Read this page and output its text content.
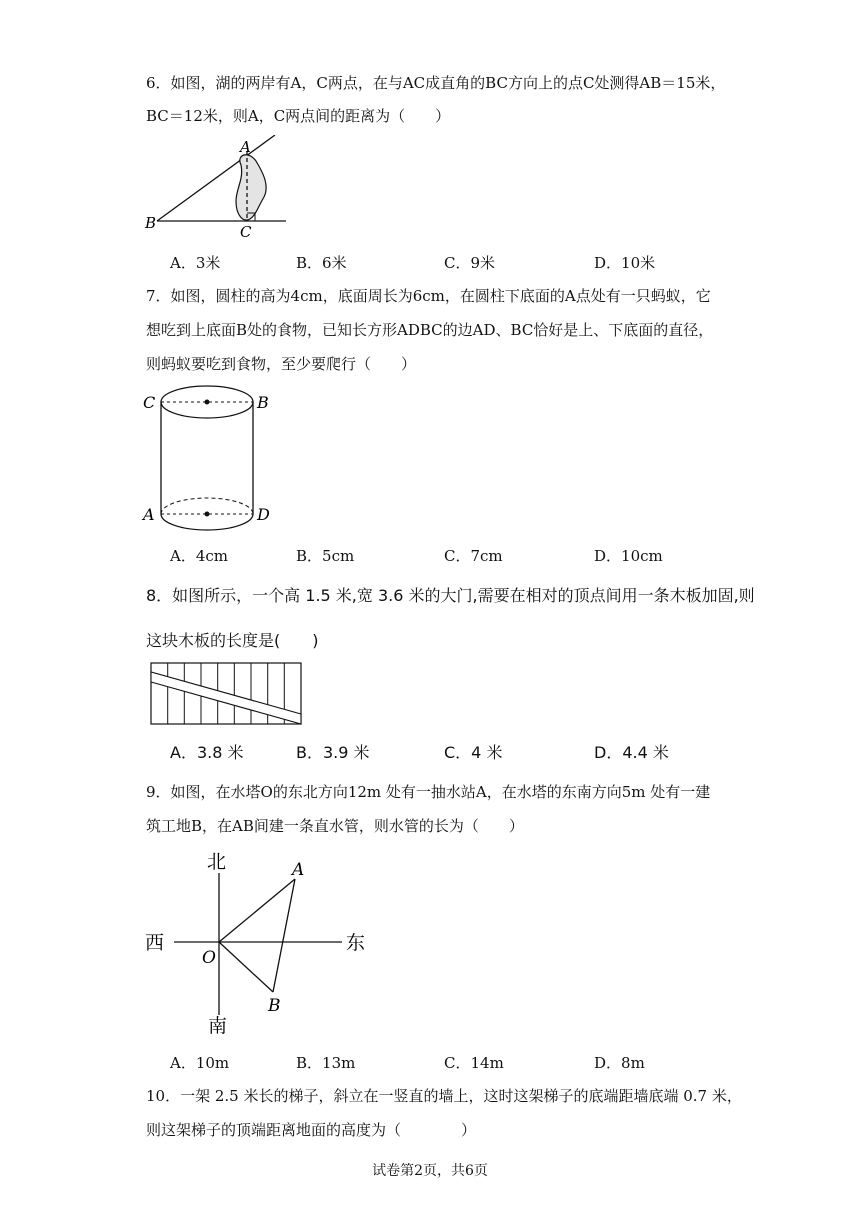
6．如图，湖的两岸有A，C两点，在与AC成直角的BC方向上的点C处测得AB＝15米，
BC＝12米，则A，C两点间的距离为（　　）
A
B	C
A．3米	B．6米	C．9米	D．10米
7．如图，圆柱的高为4cm，底面周长为6cm，在圆柱下底面的A点处有一只蚂蚁，它
想吃到上底面B处的食物，已知长方形ADBC的边AD、BC恰好是上、下底面的直径，
则蚂蚁要吃到食物，至少要爬行（　　）
C	B
A	D
A．4cm	B．5cm	C．7cm	D．10cm
8．如图所示，一个高 1.5 米,宽 3.6 米的大门,需要在相对的顶点间用一条木板加固,则
这块木板的长度是(　　)
A．3.8 米	B．3.9 米	C．4 米	D．4.4 米
9．如图，在水塔O的东北方向12m 处有一抽水站A，在水塔的东南方向5m 处有一建
筑工地B，在AB间建一条直水管，则水管的长为（　　）
北
南
东
西
O
A
B
A．10m	B．13m	C．14m	D．8m
10．一架 2.5 米长的梯子，斜立在一竖直的墙上，这时这架梯子的底端距墙底端 0.7 米，
则这架梯子的顶端距离地面的高度为（　　　　）
试卷第2页，共6页
